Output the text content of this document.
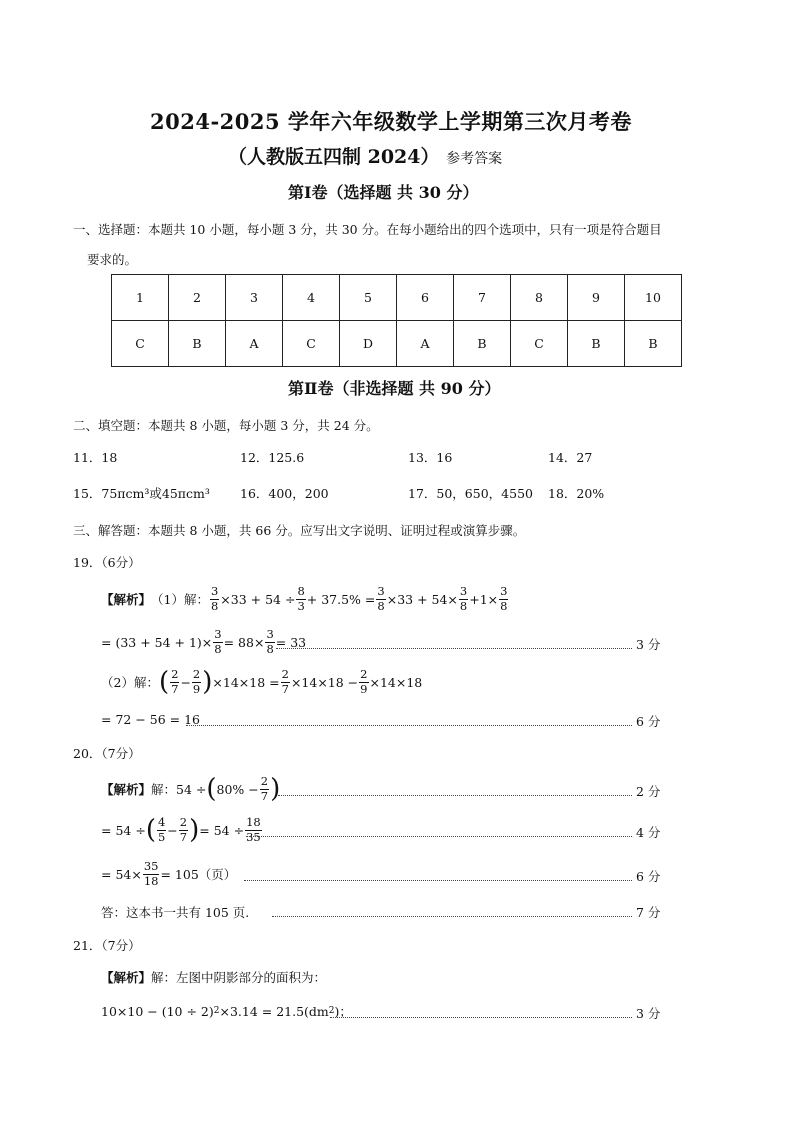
2024-2025 学年六年级数学上学期第三次月考卷
（人教版五四制 2024） 参考答案
第Ⅰ卷（选择题 共 30 分）
一、选择题：本题共 10 小题，每小题 3 分，共 30 分。在每小题给出的四个选项中，只有一项是符合题目
要求的。
1	2	3	4	5	6	7	8	9	10
C	B	A	C	D	A	B	C	B	B
第Ⅱ卷（非选择题 共 90 分）
二、填空题：本题共 8 小题，每小题 3 分，共 24 分。
11．18	12．125.6	13．16	14．27
15．75πcm³或45πcm³ 16．400，200	17．50，650，4550 18．20%
三、解答题：本题共 8 小题，共 66 分。应写出文字说明、证明过程或演算步骤。
19．（6分）
【解析】 （1）解： $\frac{3}{8} \times 33 + 54 \div \frac{8}{3} + 37.5\% = \frac{3}{8} \times 33 + 54\times \frac{3}{8} +1\times \frac{3}{8}$
= $(33 + 54 + 1)\times \frac{3}{8} = 88\times \frac{3}{8} = 33$	3 分
（2）解： ( $\frac{2}{7} - \frac{2}{9}$ ) $\times 14\times 18 = \frac{2}{7} \times 14\times 18 - \frac{2}{9} \times 14\times 18$
= 72 − 56 = 16	6 分
20．（7分）
【解析】 解：54 ÷ ( $80\% - \frac{2}{7}$ )	2 分
= 54 ÷ ( $\frac{4}{5} - \frac{2}{7}$ ) = $54 \div \frac{18}{35}$	4 分
= $54\times \frac{35}{18} = 105$（页）	6 分
答：这本书一共有 105 页.	7 分
21．（7分）
【解析】解：左图中阴影部分的面积为：
10×10 − (10 ÷ 2) 2 ×3.14 = 21.5(dm 2 )；	3 分
